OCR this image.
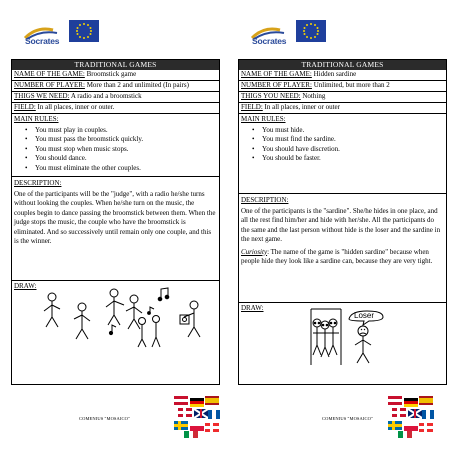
Socrates
TRADITIONAL GAMES
NAME OF THE GAME: Broomstick game
NUMBER OF PLAYER: More than 2 and unlimited (In pairs)
THIGS WE NEED: A radio and a broomstick
FIELD: In all places, inner or outer.
MAIN RULES:
• You must play in couples.
• You must pass the broomstick quickly.
• You must stop when music stops.
• You should dance.
• You must eliminate the other couples.
DESCRIPTION:

One of the participants will be the "judge", with a radio he/she turns without looking the couples. When he/she turn on the music, the couples begin to dance passing the broomstick between them. When the judge stops the music, the couple who have the broomstick is eliminated. And so successively until remain only one couple, and this is the winner.

DRAW:
COMENIUS "MOSAICO"
Socrates
TRADITIONAL GAMES
NAME OF THE GAME: Hidden sardine
NUMBER OF PLAYER: Unlimited, but more than 2
THIGS YOU NEED: Nothing
FIELD: In all places, inner or outer
MAIN RULES:
• You must hide.
• You must find the sardine.
• You should have discretion.
• You should be faster.
DESCRIPTION:

One of the participants is the "sardine". She/he hides in one place, and all the rest find him/her and hide with her/she. All the participants do the same and the last person without hide is the loser and the sardine in the next game.

Curiosity: The name of the game is "hidden sardine" because when people hide they look like a sardine can, because they are very tight.

DRAW:
Loser
COMENIUS "MOSAICO"
